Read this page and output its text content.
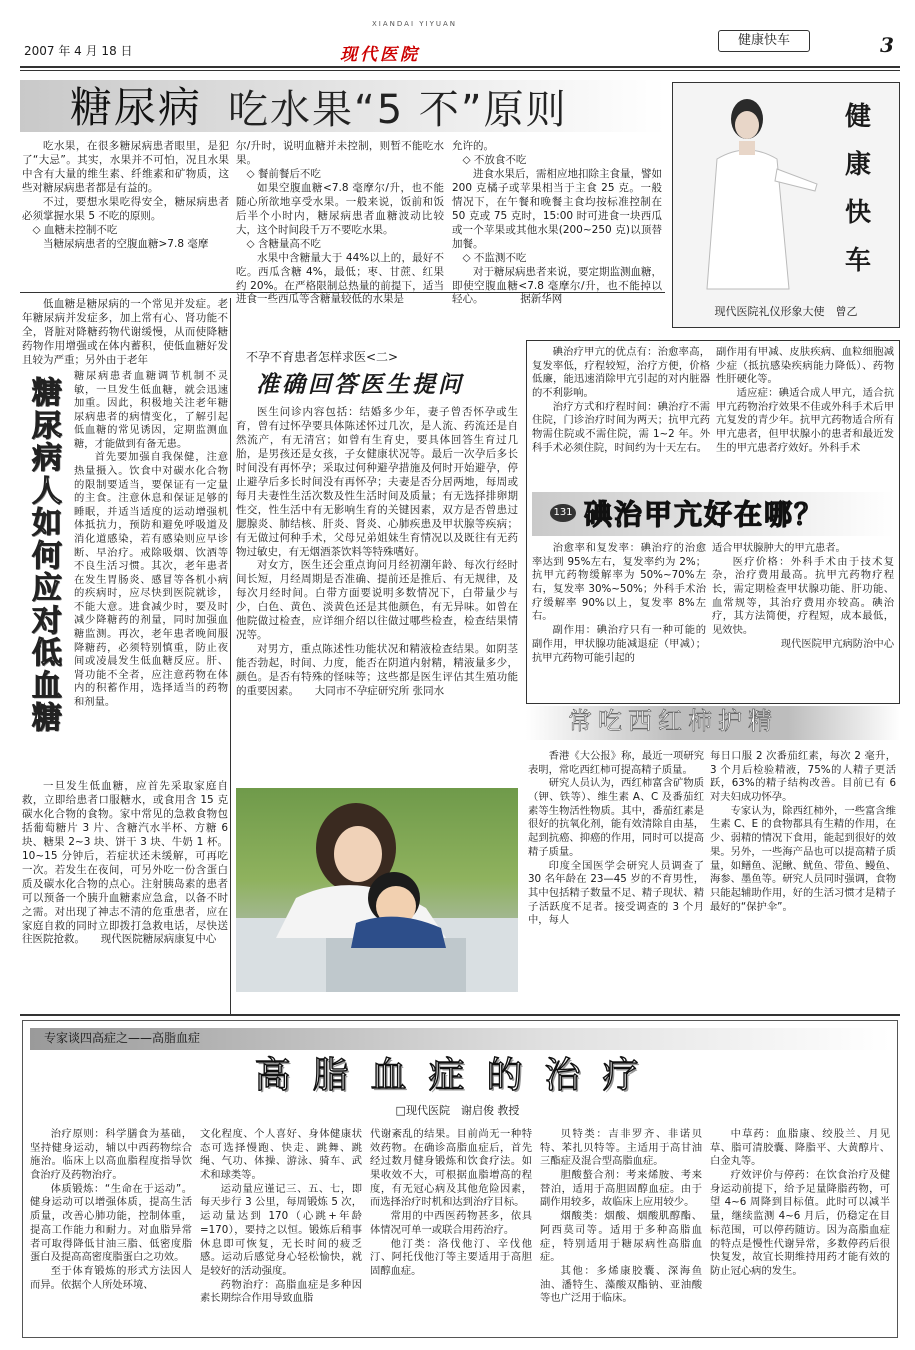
2007 年 4 月 18 日
XIANDAI YIYUAN
现代医院
健康快车	3
糖尿病 吃水果“5 不”原则

吃水果，在很多糖尿病患者眼里，是犯了“大忌”。其实，水果并不可怕，况且水果中含有大量的维生素、纤维素和矿物质，这些对糖尿病患者都是有益的。

不过，要想水果吃得安全，糖尿病患者必须掌握水果 5 不吃的原则。

◇ 血糖未控制不吃

当糖尿病患者的空腹血糖>7.8 毫摩

尔/升时，说明血糖并未控制，则暂不能吃水果。

◇ 餐前餐后不吃

如果空腹血糖<7.8 毫摩尔/升，也不能随心所欲地享受水果。一般来说，饭前和饭后半个小时内，糖尿病患者血糖波动比较大，这个时间段千万不要吃水果。

◇ 含糖量高不吃

水果中含糖量大于 44%以上的，最好不吃。西瓜含糖 4%，最低；枣、甘蔗、红果约 20%。在严格限制总热量的前提下，适当进食一些西瓜等含糖量较低的水果是

允许的。

◇ 不放食不吃

进食水果后，需相应地扣除主食量，譬如 200 克橘子或苹果相当于主食 25 克。一般情况下，在午餐和晚餐主食均按标准控制在 50 克或 75 克时，15:00 时可进食一块西瓜或一个苹果或其他水果(200~250 克)以顶替加餐。

◇ 不监测不吃

对于糖尿病患者来说，要定期监测血糖，即使空腹血糖<7.8 毫摩尔/升，也不能掉以轻心。　　　　据新华网

健
康
快
车
现代医院礼仪形象大使　曾乙

低血糖是糖尿病的一个常见并发症。老年糖尿病并发症多，加上常有心、肾功能不全，肾脏对降糖药物代谢缓慢，从而使降糖药物作用增强或在体内蓄积，使低血糖好发且较为严重；另外由于老年

糖
尿
病
人
如
何
应
对
低
血
糖

糖尿病患者血糖调节机制不灵敏，一旦发生低血糖，就会迅速加重。因此，积极地关注老年糖尿病患者的病情变化，了解引起低血糖的常见诱因，定期监测血糖，才能做到有备无患。

首先要加强自我保健，注意热量摄入。饮食中对碳水化合物的限制要适当，要保证有一定量的主食。注意休息和保证足够的睡眠，并适当适度的运动增强机体抵抗力，预防和避免呼吸道及消化道感染，若有感染则应早诊断、早治疗。戒除吸烟、饮酒等不良生活习惯。其次，老年患者在发生胃肠炎、感冒等各机小病的疾病时，应尽快到医院就诊，不能大意。进食减少时，要及时减少降糖药的剂量，同时加强血糖监测。再次，老年患者晚间服降糖药，必须特别慎重，防止夜间或凌晨发生低血糖反应。肝、肾功能不全者，应注意药物在体内的积蓄作用，选择适当的药物和剂量。

一旦发生低血糖，应首先采取家庭自救，立即给患者口服糖水，或食用含 15 克碳水化合物的食物。家中常见的急救食物包括葡萄糖片 3 片、含糖汽水半杯、方糖 6 块、糖果 2~3 块、饼干 3 块、牛奶 1 杯。10~15 分钟后，若症状还未缓解，可再吃一次。若发生在夜间，可另外吃一份含蛋白质及碳水化合物的点心。注射胰岛素的患者可以预备一个胰升血糖素应急盒，以备不时之需。对出现了神志不清的危重患者，应在家庭自救的同时立即拨打急救电话，尽快送往医院抢救。　　现代医院糖尿病康复中心

不孕不育患者怎样求医<二>
准确回答医生提问

医生问诊内容包括：结婚多少年，妻子曾否怀孕或生育，曾有过怀孕要具体陈述怀过几次，是人流、药流还是自然流产，有无清宫；如曾有生育史，要具体回答生育过几胎，是男孩还是女孩，子女健康状况等。最后一次孕后多长时间没有再怀孕；采取过何种避孕措施及何时开始避孕，停止避孕后多长时间没有再怀孕；夫妻是否分居两地，每周或每月夫妻性生活次数及性生活时间及质量；有无选择排卵期性交，性生活中有无影响生育的关键因素，双方是否曾患过腮腺炎、肺结核、肝炎、肾炎、心肺疾患及甲状腺等疾病；有无做过何种手术，父母兄弟姐妹生育情况以及既往有无药物过敏史，有无烟酒茶饮料等特殊嗜好。

对女方，医生还会重点询问月经初潮年龄、每次行经时间长短，月经周期是否准确、提前还是推后、有无规律，及每次月经时间。白带方面要说明多数情况下，白带量少与少，白色、黄色、淡黄色还是其他颜色，有无异味。如曾在他院做过检查，应详细介绍以往做过哪些检查，检查结果情况等。

对男方，重点陈述性功能状况和精液检查结果。如阴茎能否勃起，时间、力度，能否在阴道内射精，精液量多少，颜色。是否有特殊的怪味等；这些都是医生评估其生殖功能的重要因素。　　大同市不孕症研究所 张同水

碘治疗甲亢的优点有：治愈率高，复发率低，疗程较短，治疗方便，价格低廉，能迅速消除甲亢引起的对内脏器的不利影响。

治疗方式和疗程时间：碘治疗不需住院，门诊治疗时间为两天；抗甲亢药物需住院或不需住院，需 1~2 年。外科手术必须住院，时间约为十天左右。

副作用有甲减、皮肤疾病、血粒细胞减少症（抵抗感染疾病能力降低）、药物性肝硬化等。

适应症：碘适合成人甲亢，适合抗甲亢药物治疗效果不佳或外科手术后甲亢复发的青少年。抗甲亢药物适合所有甲亢患者，但甲状腺小的患者和最近发生的甲亢患者疗效好。外科手术

131 碘治甲亢好在哪？

治愈率和复发率：碘治疗的治愈率达到 95%左右，复发率约为 2%；抗甲亢药物缓解率为 50%~70%左右，复发率 30%~50%；外科手术治疗缓解率 90%以上，复发率 8%左右。

副作用：碘治疗只有一种可能的副作用，甲状腺功能减退症（甲减）；抗甲亢药物可能引起的

适合甲状腺肿大的甲亢患者。

医疗价格：外科手术由于技术复杂，治疗费用最高。抗甲亢药物疗程长，需定期检查甲状腺功能、肝功能、血常规等，其治疗费用亦较高。碘治疗，其方法简便，疗程短，成本最低，见效快。

现代医院甲亢病防治中心

常吃西红柿护精

香港《大公报》称，最近一项研究表明，常吃西红柿可提高精子质量。

研究人员认为，西红柿富含矿物质（钾、铁等）、维生素 A、C 及番茄红素等生物活性物质。其中，番茄红素是很好的抗氧化剂，能有效清除自由基，起到抗癌、抑癌的作用，同时可以提高精子质量。

印度全国医学会研究人员调查了 30 名年龄在 23—45 岁的不育男性，其中包括精子数量不足、精子现状、精子活跃度不足者。接受调查的 3 个月中，每人

每日口服 2 次番茄红素，每次 2 毫升，3 个月后检验精液，75%的人精子更活跃，63%的精子结构改善。目前已有 6 对夫妇成功怀孕。

专家认为，除西红柿外，一些富含维生素 C、E 的食物都具有生精的作用，在少、弱精的情况下食用，能起到很好的效果。另外，一些海产品也可以提高精子质量，如鳝鱼、泥鳅、鱿鱼、带鱼、鳗鱼、海参、墨鱼等。研究人员同时强调，食物只能起辅助作用，好的生活习惯才是精子最好的“保护伞”。

专家谈四高症之——高脂血症
高脂血症的治疗
□现代医院　谢启俊 教授

治疗原则：科学膳食为基础，坚持健身运动，辅以中西药物综合施治。临床上以高血脂程度指导饮食治疗及药物治疗。

体质锻炼：“生命在于运动”。健身运动可以增强体质，提高生活质量，改善心肺功能，控制体重，提高工作能力和耐力。对血脂异常者可取得降低甘油三脂、低密度脂蛋白及提高高密度脂蛋白之功效。

至于体育锻炼的形式方法因人而异。依据个人所处环境、

文化程度、个人喜好、身体健康状态可选择慢跑、快走、跳舞、跳绳、气功、体操、游泳、骑车、武术和球类等。

运动量应谨记三、五、七，即每天步行 3 公里，每周锻炼 5 次，运动量达到 170（心跳+年龄=170），要持之以恒。锻炼后稍事休息即可恢复，无长时间的疲乏感。运动后感觉身心轻松愉快，就是较好的活动强度。

药物治疗：高脂血症是多种因素长期综合作用导致血脂

代谢紊乱的结果。目前尚无一种特效药物。在确诊高脂血症后，首先经过数月健身锻炼和饮食疗法。如果收效不大，可根据血脂增高的程度，有无冠心病及其他危险因素，而选择治疗时机和达到治疗目标。

常用的中西医药物甚多，依具体情况可单一或联合用药治疗。

他汀类：洛伐他汀、辛伐他汀、阿托伐他汀等主要适用于高胆固醇血症。

贝特类：吉非罗齐、非诺贝特、苯扎贝特等。主适用于高甘油三酯症及混合型高脂血症。

胆酸螯合剂：考来烯胺、考来替泊，适用于高胆固醇血症。由于副作用较多，故临床上应用较少。

烟酸类：烟酸、烟酸肌醇酯、阿西莫司等。适用于多种高脂血症，特别适用于糖尿病性高脂血症。

其他：多烯康胶囊、深海鱼油、潘特生、藻酸双酯钠、亚油酸等也广泛用于临床。

中草药：血脂康、绞股兰、月见草、脂可清胶囊、降脂平、大黄醇片、白金丸等。

疗效评价与停药：在饮食治疗及健身运动前提下，给予足量降脂药物，可望 4~6 周降到目标值。此时可以减半量，继续监测 4~6 月后，仍稳定在目标范围，可以停药随访。因为高脂血症的特点是慢性代谢异常，多数停药后很快复发，故宜长期维持用药才能有效的防止冠心病的发生。
